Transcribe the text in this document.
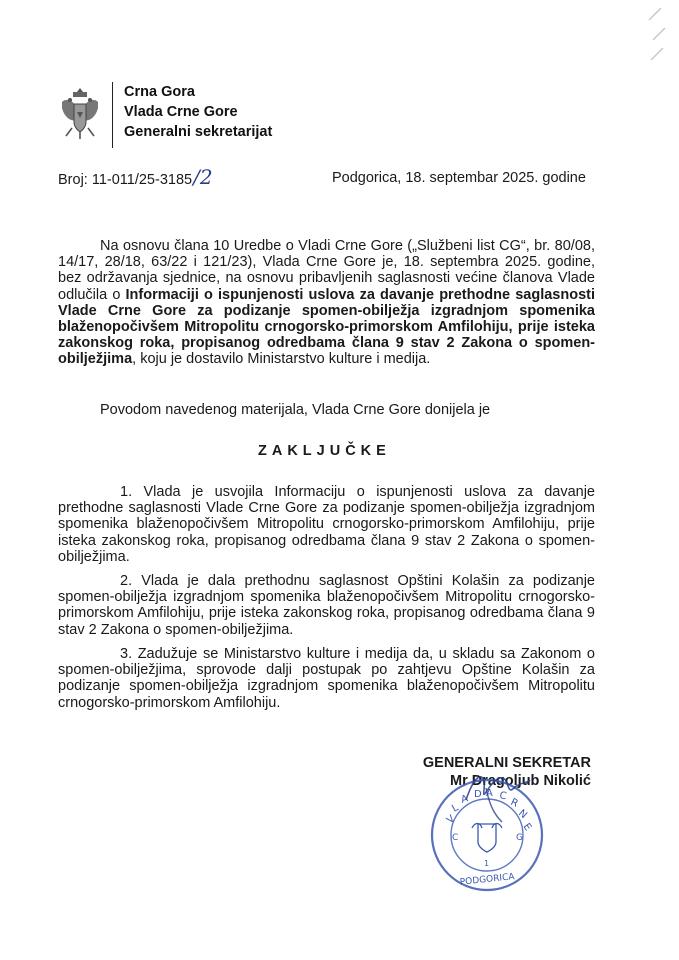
Crna Gora
Vlada Crne Gore
Generalni sekretarijat
Broj: 11-011/25-3185/2	Podgorica, 18. septembar 2025. godine
Na osnovu člana 10 Uredbe o Vladi Crne Gore („Službeni list CG“, br. 80/08, 14/17, 28/18, 63/22 i 121/23), Vlada Crne Gore je, 18. septembra 2025. godine, bez održavanja sjednice, na osnovu pribavljenih saglasnosti većine članova Vlade odlučila o Informaciji o ispunjenosti uslova za davanje prethodne saglasnosti Vlade Crne Gore za podizanje spomen-obilježja izgradnjom spomenika blaženopočivšem Mitropolitu crnogorsko-primorskom Amfilohiju, prije isteka zakonskog roka, propisanog odredbama člana 9 stav 2 Zakona o spomen-obilježjima, koju je dostavilo Ministarstvo kulture i medija.
Povodom navedenog materijala, Vlada Crne Gore donijela je
ZAKLJUČKE
1. Vlada je usvojila Informaciju o ispunjenosti uslova za davanje prethodne saglasnosti Vlade Crne Gore za podizanje spomen-obilježja izgradnjom spomenika blaženopočivšem Mitropolitu crnogorsko-primorskom Amfilohiju, prije isteka zakonskog roka, propisanog odredbama člana 9 stav 2 Zakona o spomen-obilježjima.
2. Vlada je dala prethodnu saglasnost Opštini Kolašin za podizanje spomen-obilježja izgradnjom spomenika blaženopočivšem Mitropolitu crnogorsko-primorskom Amfilohiju, prije isteka zakonskog roka, propisanog odredbama člana 9 stav 2 Zakona o spomen-obilježjima.
3. Zadužuje se Ministarstvo kulture i medija da, u skladu sa Zakonom o spomen-obilježjima, sprovode dalji postupak po zahtjevu Opštine Kolašin za podizanje spomen-obilježja izgradnjom spomenika blaženopočivšem Mitropolitu crnogorsko-primorskom Amfilohiju.
GENERALNI SEKRETAR
Mr Dragoljub Nikolić
V
L
A D A C
R
N
E
C	G
1
PODGORICA
